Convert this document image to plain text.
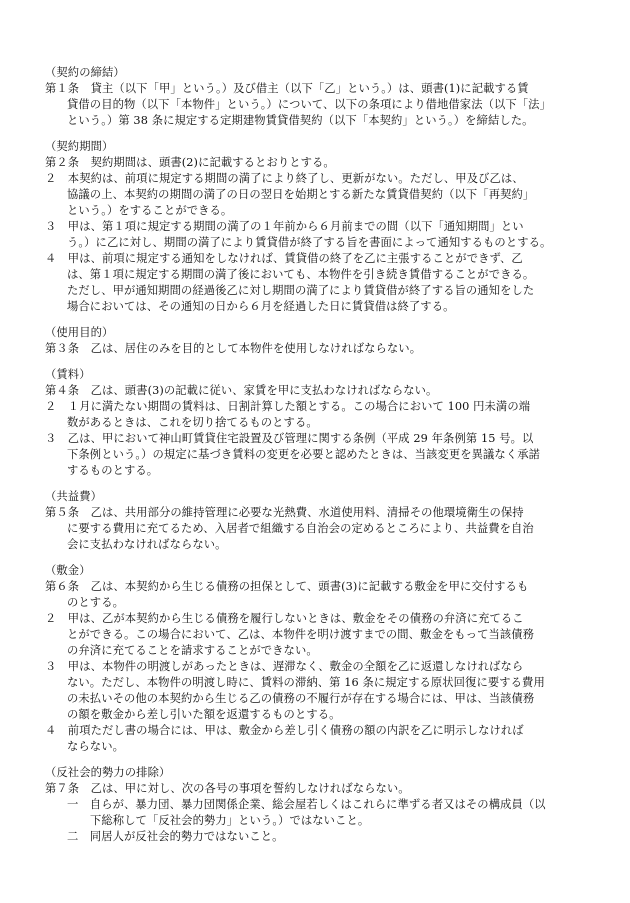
（契約の締結）
第１条　貸主（以下「甲」という。）及び借主（以下「乙」という。）は、頭書(1)に記載する賃
貸借の目的物（以下「本物件」という。）について、以下の条項により借地借家法（以下「法」
という。）第 38 条に規定する定期建物賃貸借契約（以下「本契約」という。）を締結した。
（契約期間）
第２条　契約期間は、頭書(2)に記載するとおりとする。
２　本契約は、前項に規定する期間の満了により終了し、更新がない。ただし、甲及び乙は、
協議の上、本契約の期間の満了の日の翌日を始期とする新たな賃貸借契約（以下「再契約」
という。）をすることができる。
３　甲は、第１項に規定する期間の満了の１年前から６月前までの間（以下「通知期間」とい
う。）に乙に対し、期間の満了により賃貸借が終了する旨を書面によって通知するものとする。
４　甲は、前項に規定する通知をしなければ、賃貸借の終了を乙に主張することができず、乙
は、第１項に規定する期間の満了後においても、本物件を引き続き賃借することができる。
ただし、甲が通知期間の経過後乙に対し期間の満了により賃貸借が終了する旨の通知をした
場合においては、その通知の日から６月を経過した日に賃貸借は終了する。
（使用目的）
第３条　乙は、居住のみを目的として本物件を使用しなければならない。
（賃料）
第４条　乙は、頭書(3)の記載に従い、家賃を甲に支払わなければならない。
２　１月に満たない期間の賃料は、日割計算した額とする。この場合において 100 円未満の端
数があるときは、これを切り捨てるものとする。
３　乙は、甲において神山町賃貸住宅設置及び管理に関する条例（平成 29 年条例第 15 号。以
下条例という。）の規定に基づき賃料の変更を必要と認めたときは、当該変更を異議なく承諾
するものとする。
（共益費）
第５条　乙は、共用部分の維持管理に必要な光熱費、水道使用料、清掃その他環境衛生の保持
に要する費用に充てるため、入居者で組織する自治会の定めるところにより、共益費を自治
会に支払わなければならない。
（敷金）
第６条　乙は、本契約から生じる債務の担保として、頭書(3)に記載する敷金を甲に交付するも
のとする。
２　甲は、乙が本契約から生じる債務を履行しないときは、敷金をその債務の弁済に充てるこ
とができる。この場合において、乙は、本物件を明け渡すまでの間、敷金をもって当該債務
の弁済に充てることを請求することができない。
３　甲は、本物件の明渡しがあったときは、遅滞なく、敷金の全額を乙に返還しなければなら
ない。ただし、本物件の明渡し時に、賃料の滞納、第 16 条に規定する原状回復に要する費用
の未払いその他の本契約から生じる乙の債務の不履行が存在する場合には、甲は、当該債務
の額を敷金から差し引いた額を返還するものとする。
４　前項ただし書の場合には、甲は、敷金から差し引く債務の額の内訳を乙に明示しなければ
ならない。
（反社会的勢力の排除）
第７条　乙は、甲に対し、次の各号の事項を誓約しなければならない。
一　自らが、暴力団、暴力団関係企業、総会屋若しくはこれらに準ずる者又はその構成員（以
下総称して「反社会的勢力」という。）ではないこと。
二　同居人が反社会的勢力ではないこと。
